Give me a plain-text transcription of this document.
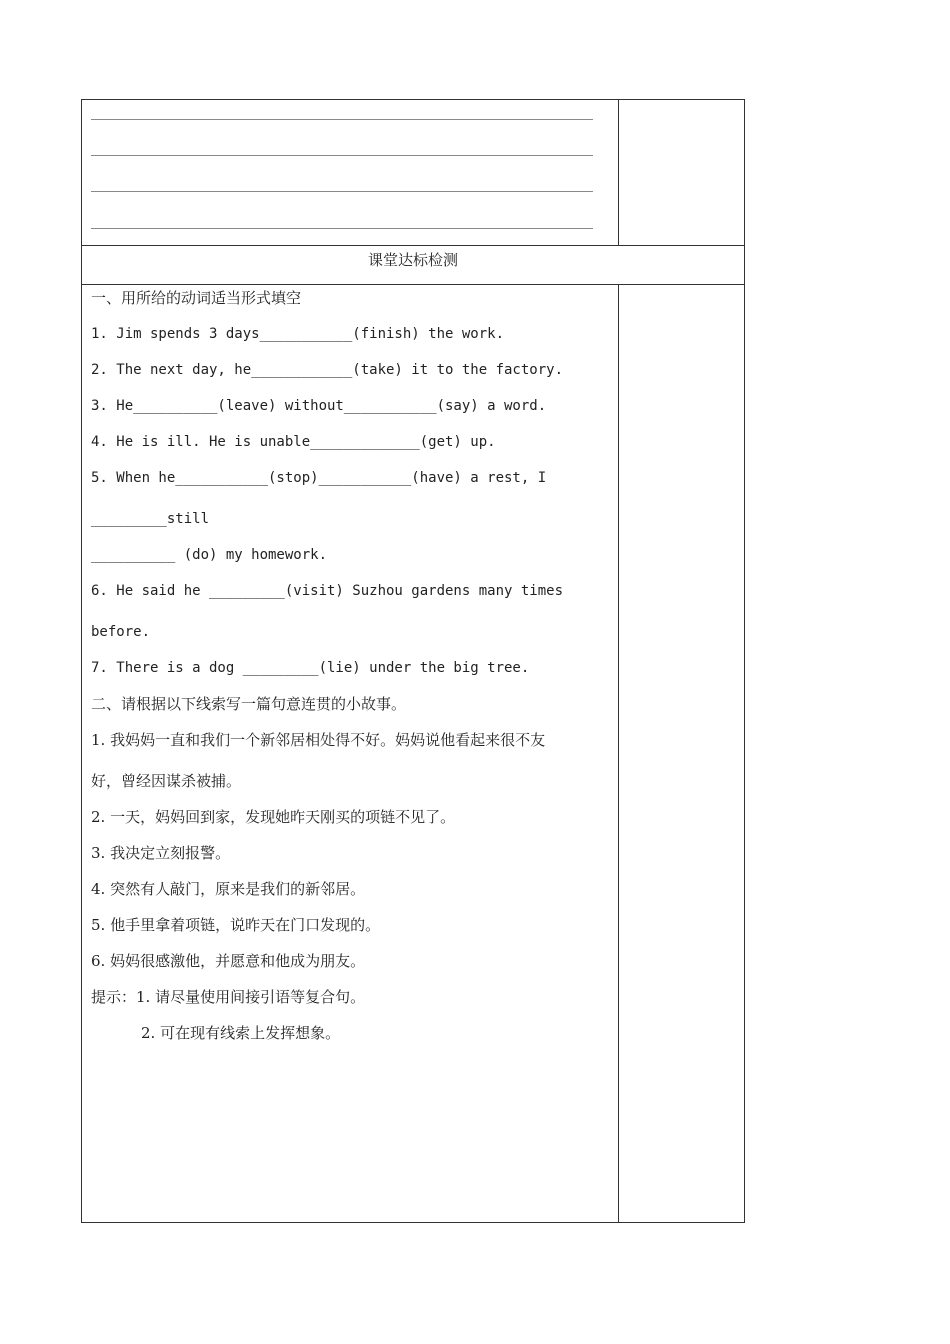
课堂达标检测
一、用所给的动词适当形式填空
1. Jim spends 3 days___________(finish) the work.
2. The next day, he____________(take) it to the factory.
3. He__________(leave) without___________(say) a word.
4. He is ill. He is unable_____________(get) up.
5. When he___________(stop)___________(have) a rest, I
_________still
__________ (do) my homework.
6. He said he _________(visit) Suzhou gardens many times
before.
7. There is a dog _________(lie) under the big tree.
二、请根据以下线索写一篇句意连贯的小故事。
1. 我妈妈一直和我们一个新邻居相处得不好。妈妈说他看起来很不友
好，曾经因谋杀被捕。
2. 一天，妈妈回到家，发现她昨天刚买的项链不见了。
3. 我决定立刻报警。
4. 突然有人敲门，原来是我们的新邻居。
5. 他手里拿着项链，说昨天在门口发现的。
6. 妈妈很感激他，并愿意和他成为朋友。
提示：1. 请尽量使用间接引语等复合句。
2. 可在现有线索上发挥想象。
